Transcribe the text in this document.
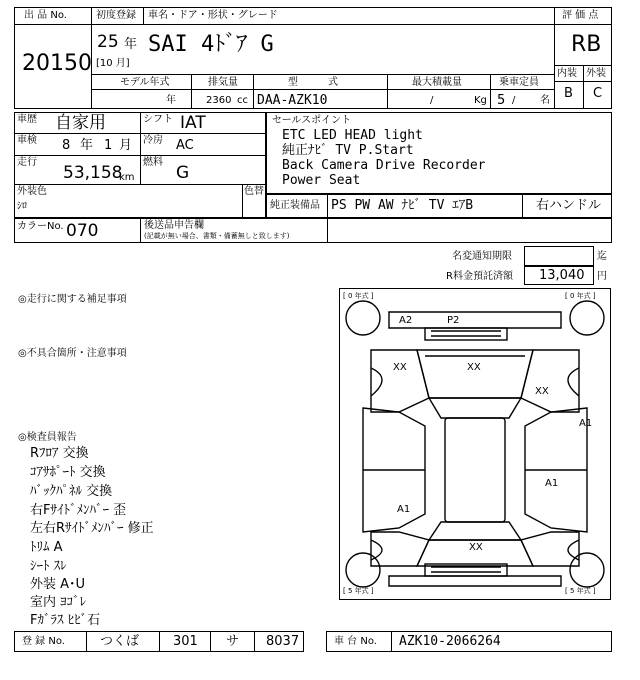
出 品 No.
20150
初度登録 車名・ドア・形状・グレード
25 年
[10 月]
SAI 4ﾄﾞｱ G
評 価 点
RB
内装 外装
B C
モデル年式	排気量	型　　　式	最大積載量	乗車定員
年	2360 cc DAA-AZK10	/	Kg 5 / 名
車歴 自家用	シフト IAT
車検 8 年 1 月 冷房 AC
走行
53,158
km
燃料
G
外装色
ｼﾛ
色替
カラーNo. 070	後送品申告欄
(記載が無い場合、書類・備蓄無しと致します)
セールスポイント
ETC LED HEAD light
純正ﾅﾋﾞ TV P.Start
Back Camera Drive Recorder
Power Seat
純正装備品 PS PW AW ﾅﾋﾞ TV ｴｱB	右ハンドル
名変通知期限	迄
R料金預託済額 13,040 円
◎走行に関する補足事項
◎不具合箇所・注意事項
◎検査員報告
Rﾌﾛｱ 交換
ｺｱｻﾎﾟｰﾄ 交換
ﾊﾞｯｸﾊﾟﾈﾙ 交換
右Fｻｲﾄﾞﾒﾝﾊﾞｰ 歪
左右Rｻｲﾄﾞﾒﾝﾊﾞｰ 修正
ﾄﾘﾑ A
ｼｰﾄ ｽﾚ
外装 A･U
室内 ﾖｺﾞﾚ
Fｶﾞﾗｽ ﾋﾋﾞ石
[ 0 年式 ]	[ 0 年式 ]
[ 5 年式 ]	[ 5 年式 ]
A2	P2
XX	XX
XX
A1
A1
A1
XX
登 録 No.	つくば	301 サ 8037	車 台 No. AZK10-2066264
